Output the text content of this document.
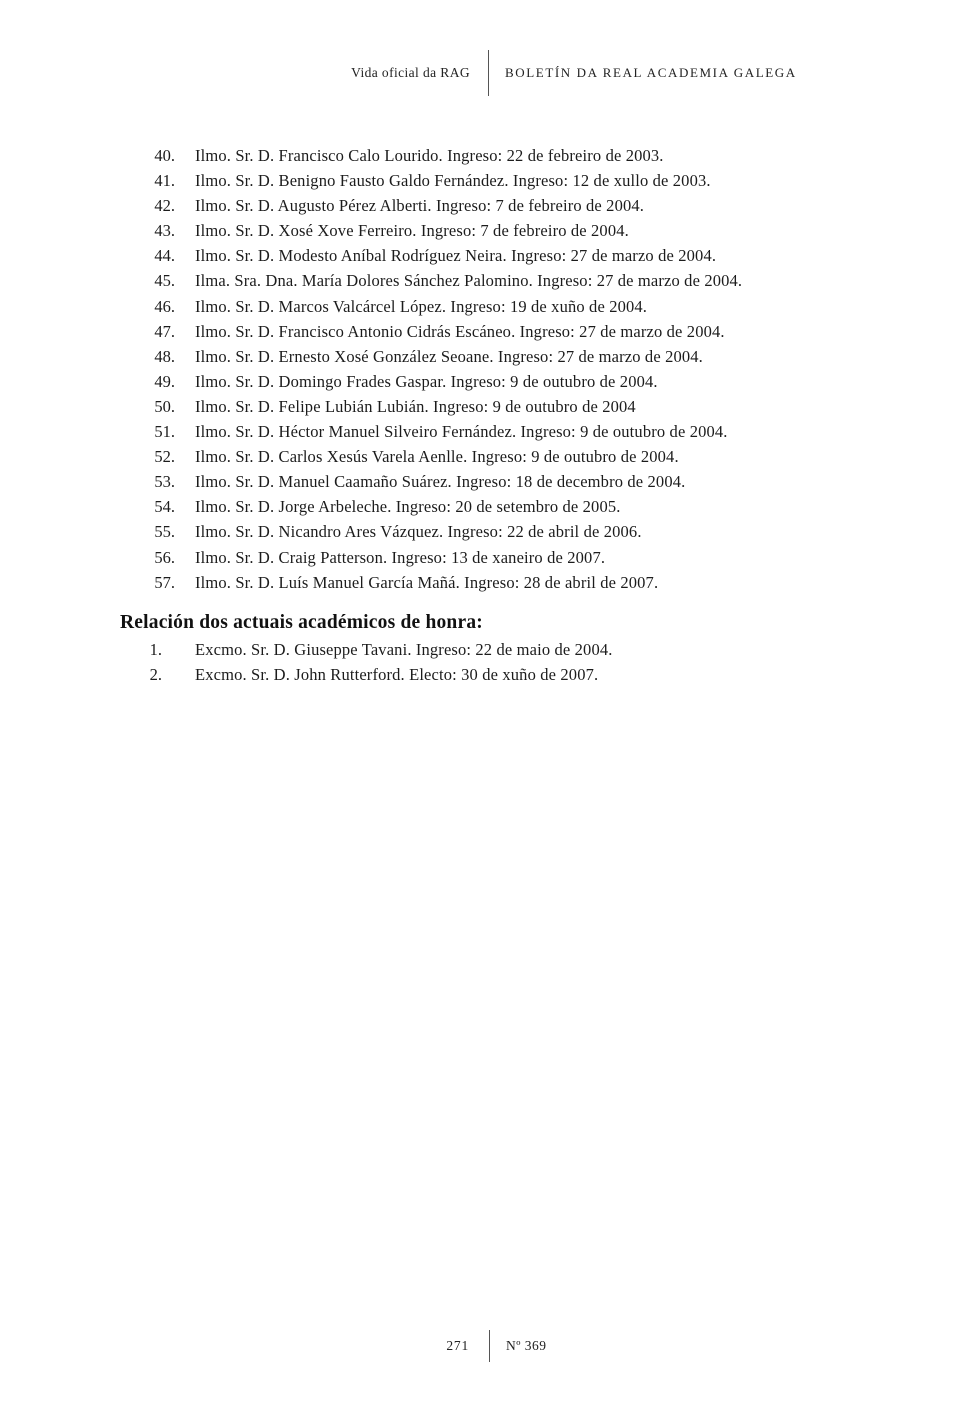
Vida oficial da RAG	BOLETÍN DA REAL ACADEMIA GALEGA
40. Ilmo. Sr. D. Francisco Calo Lourido. Ingreso: 22 de febreiro de 2003.
41. Ilmo. Sr. D. Benigno Fausto Galdo Fernández. Ingreso: 12 de xullo de 2003.
42. Ilmo. Sr. D. Augusto Pérez Alberti. Ingreso: 7 de febreiro de 2004.
43. Ilmo. Sr. D. Xosé Xove Ferreiro. Ingreso: 7 de febreiro de 2004.
44. Ilmo. Sr. D. Modesto Aníbal Rodríguez Neira. Ingreso: 27 de marzo de 2004.
45. Ilma. Sra. Dna. María Dolores Sánchez Palomino. Ingreso: 27 de marzo de 2004.
46. Ilmo. Sr. D. Marcos Valcárcel López. Ingreso: 19 de xuño de 2004.
47. Ilmo. Sr. D. Francisco Antonio Cidrás Escáneo. Ingreso: 27 de marzo de 2004.
48. Ilmo. Sr. D. Ernesto Xosé González Seoane. Ingreso: 27 de marzo de 2004.
49. Ilmo. Sr. D. Domingo Frades Gaspar. Ingreso: 9 de outubro de 2004.
50. Ilmo. Sr. D. Felipe Lubián Lubián. Ingreso: 9 de outubro de 2004
51. Ilmo. Sr. D. Héctor Manuel Silveiro Fernández. Ingreso: 9 de outubro de 2004.
52. Ilmo. Sr. D. Carlos Xesús Varela Aenlle. Ingreso: 9 de outubro de 2004.
53. Ilmo. Sr. D. Manuel Caamaño Suárez. Ingreso: 18 de decembro de 2004.
54. Ilmo. Sr. D. Jorge Arbeleche. Ingreso: 20 de setembro de 2005.
55. Ilmo. Sr. D. Nicandro Ares Vázquez. Ingreso: 22 de abril de 2006.
56. Ilmo. Sr. D. Craig Patterson. Ingreso: 13 de xaneiro de 2007.
57. Ilmo. Sr. D. Luís Manuel García Mañá. Ingreso: 28 de abril de 2007.
Relación dos actuais académicos de honra:
1. Excmo. Sr. D. Giuseppe Tavani. Ingreso: 22 de maio de 2004.
2. Excmo. Sr. D. John Rutterford. Electo: 30 de xuño de 2007.
271	Nº 369
